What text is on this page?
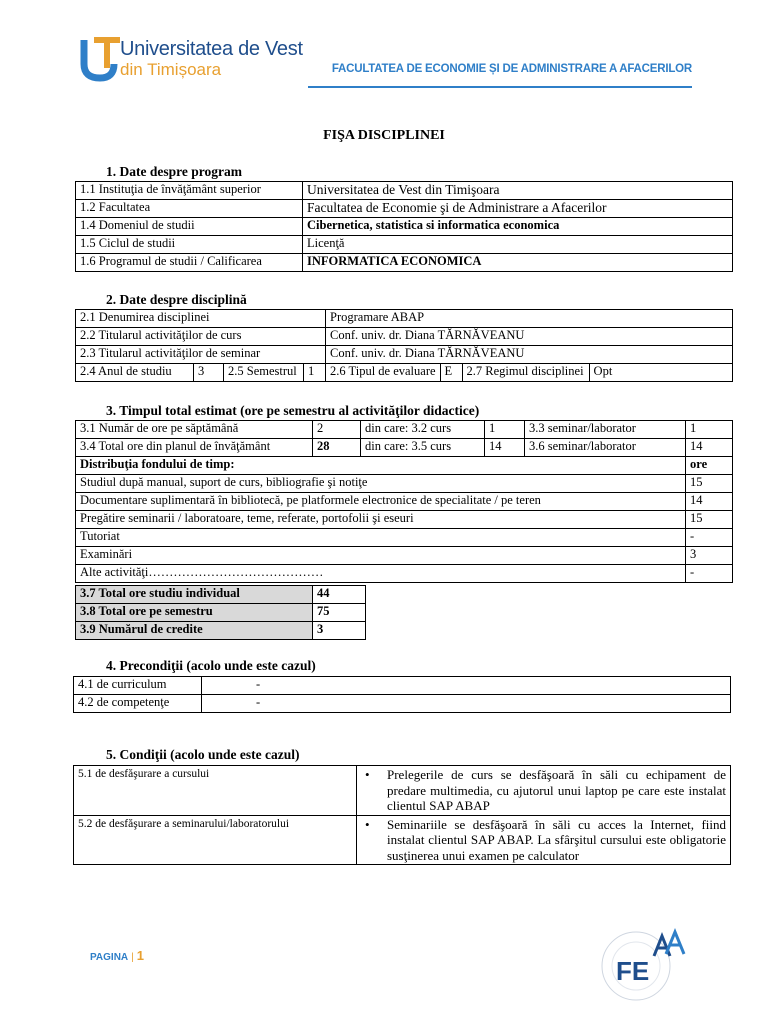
Universitatea de Vest
din Timișoara	FACULTATEA DE ECONOMIE ȘI DE ADMINISTRARE A AFACERILOR
FIŞA DISCIPLINEI
1. Date despre program
1.1 Instituţia de învăţământ superior	Universitatea de Vest din Timişoara
1.2 Facultatea	Facultatea de Economie şi de Administrare a Afacerilor
1.4 Domeniul de studii	Cibernetica, statistica si informatica economica
1.5 Ciclul de studii	Licenţă
1.6 Programul de studii / Calificarea	INFORMATICA ECONOMICA
2. Date despre disciplină
2.1 Denumirea disciplinei				Programare ABAP			
2.2 Titularul activităţilor de curs				Conf. univ. dr. Diana TĂRNĂVEANU			
2.3 Titularul activităţilor de seminar				Conf. univ. dr. Diana TĂRNĂVEANU			
2.4 Anul de studiu	3	2.5 Semestrul	1	2.6 Tipul de evaluare	E	2.7 Regimul disciplinei	Opt
3. Timpul total estimat (ore pe semestru al activităţilor didactice)
3.1 Număr de ore pe săptămână	2	din care: 3.2 curs	1	3.3 seminar/laborator	1
3.4 Total ore din planul de învăţământ	28	din care: 3.5 curs	14	3.6 seminar/laborator	14
Distribuţia fondului de timp:					ore
Studiul după manual, suport de curs, bibliografie şi notiţe					15
Documentare suplimentară în bibliotecă, pe platformele electronice de specialitate / pe teren					14
Pregătire seminarii / laboratoare, teme, referate, portofolii şi eseuri					15
Tutoriat					-
Examinări					3
Alte activităţi……………………………………					-
3.7 Total ore studiu individual	44
3.8 Total ore pe semestru	75
3.9 Numărul de credite	3
4. Precondiţii (acolo unde este cazul)
4.1 de curriculum	-
4.2 de competenţe	-
5. Condiţii (acolo unde este cazul)
5.1 de desfăşurare a cursului	• Prelegerile de curs se desfăşoară în săli cu echipament de predare multimedia, cu ajutorul unui laptop pe care este instalat clientul SAP ABAP
5.2 de desfăşurare a seminarului/laboratorului	• Seminariile se desfăşoară în săli cu acces la Internet, fiind instalat clientul SAP ABAP. La sfârşitul cursului este obligatorie susţinerea unui examen pe calculator
PAGINA | 1
FE
